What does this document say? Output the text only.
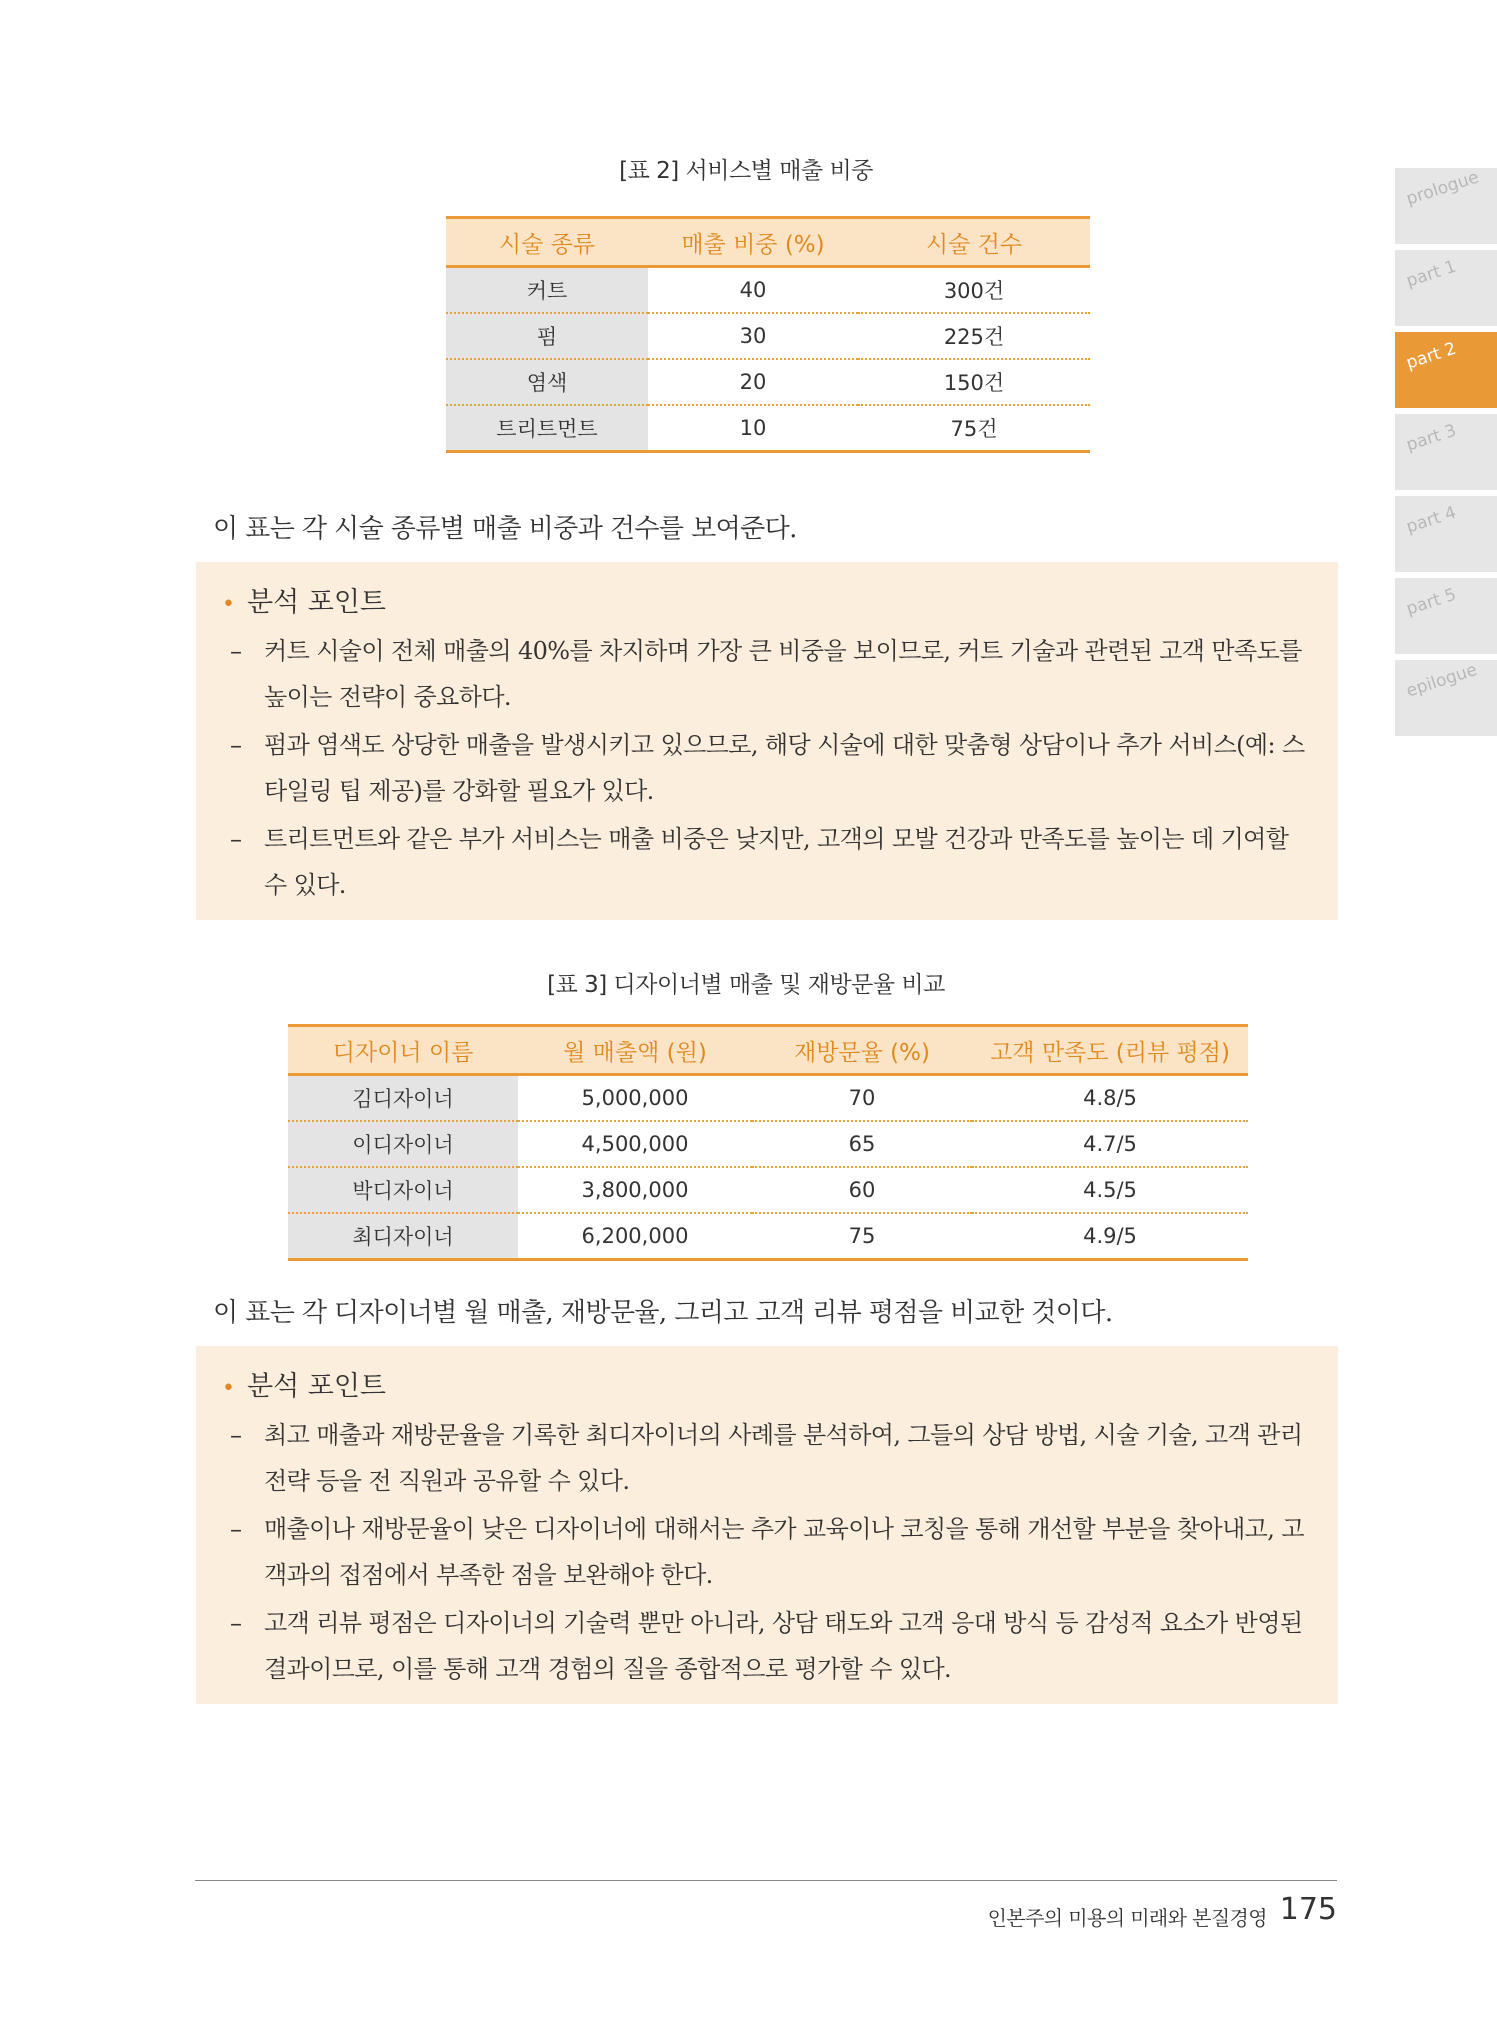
[표 2] 서비스별 매출 비중
시술 종류	매출 비중 (%)	시술 건수
커트	40	300건
펌	30	225건
염색	20	150건
트리트먼트	10	75건
이 표는 각 시술 종류별 매출 비중과 건수를 보여준다.
• 분석 포인트
– 커트 시술이 전체 매출의 40%를 차지하며 가장 큰 비중을 보이므로, 커트 기술과 관련된 고객 만족도를 높이는 전략이 중요하다.
– 펌과 염색도 상당한 매출을 발생시키고 있으므로, 해당 시술에 대한 맞춤형 상담이나 추가 서비스(예: 스타일링 팁 제공)를 강화할 필요가 있다.
– 트리트먼트와 같은 부가 서비스는 매출 비중은 낮지만, 고객의 모발 건강과 만족도를 높이는 데 기여할 수 있다.
[표 3] 디자이너별 매출 및 재방문율 비교
디자이너 이름	월 매출액 (원)	재방문율 (%)	고객 만족도 (리뷰 평점)
김디자이너	5,000,000	70	4.8/5
이디자이너	4,500,000	65	4.7/5
박디자이너	3,800,000	60	4.5/5
최디자이너	6,200,000	75	4.9/5
이 표는 각 디자이너별 월 매출, 재방문율, 그리고 고객 리뷰 평점을 비교한 것이다.
• 분석 포인트
– 최고 매출과 재방문율을 기록한 최디자이너의 사례를 분석하여, 그들의 상담 방법, 시술 기술, 고객 관리 전략 등을 전 직원과 공유할 수 있다.
– 매출이나 재방문율이 낮은 디자이너에 대해서는 추가 교육이나 코칭을 통해 개선할 부분을 찾아내고, 고객과의 접점에서 부족한 점을 보완해야 한다.
– 고객 리뷰 평점은 디자이너의 기술력 뿐만 아니라, 상담 태도와 고객 응대 방식 등 감성적 요소가 반영된 결과이므로, 이를 통해 고객 경험의 질을 종합적으로 평가할 수 있다.
prologue
part 1
part 2
part 3
part 4
part 5
epilogue
인본주의 미용의 미래와 본질경영 175
